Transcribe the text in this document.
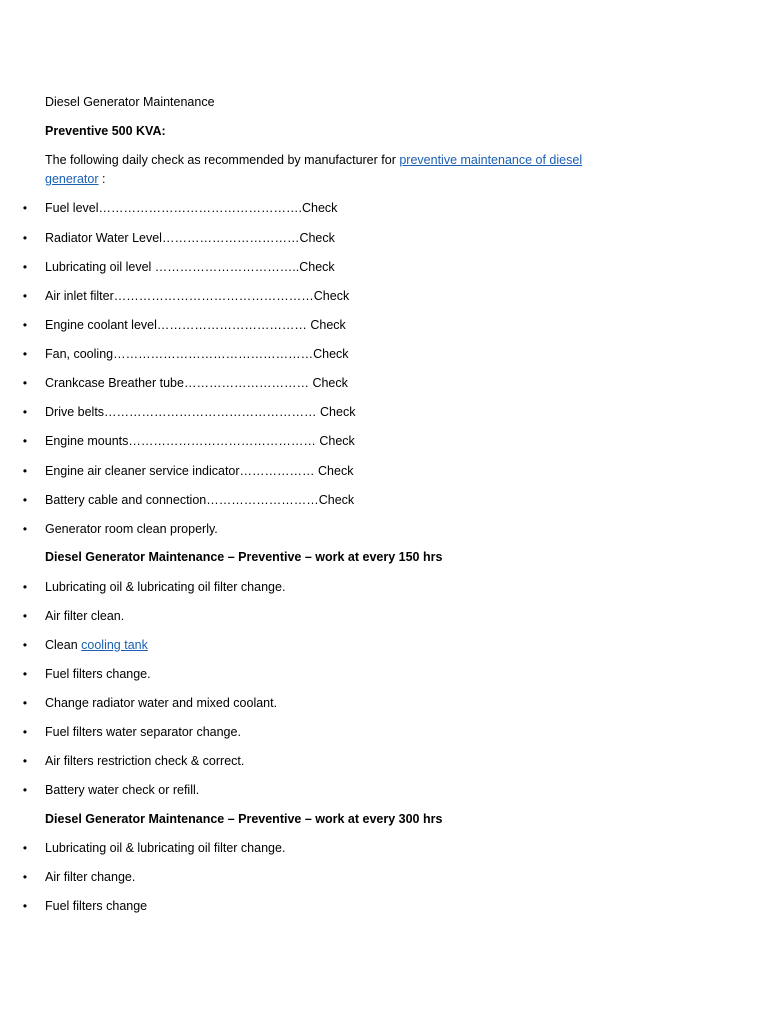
Diesel Generator Maintenance
Preventive 500 KVA:
The following daily check as recommended by manufacturer for preventive maintenance of diesel
generator :
• Fuel level………………………………………….Check
• Radiator Water Level……………………………Check
• Lubricating oil level ……………………………..Check
• Air inlet filter…………………………………………Check
• Engine coolant level……………………………… Check
• Fan, cooling…………………………………………Check
• Crankcase Breather tube………………………… Check
• Drive belts…………………………………………… Check
• Engine mounts……………………………………… Check
• Engine air cleaner service indicator……………… Check
• Battery cable and connection………………………Check
• Generator room clean properly.
Diesel Generator Maintenance – Preventive – work at every 150 hrs
• Lubricating oil & lubricating oil filter change.
• Air filter clean.
• Clean cooling tank
• Fuel filters change.
• Change radiator water and mixed coolant.
• Fuel filters water separator change.
• Air filters restriction check & correct.
• Battery water check or refill.
Diesel Generator Maintenance – Preventive – work at every 300 hrs
• Lubricating oil & lubricating oil filter change.
• Air filter change.
• Fuel filters change
